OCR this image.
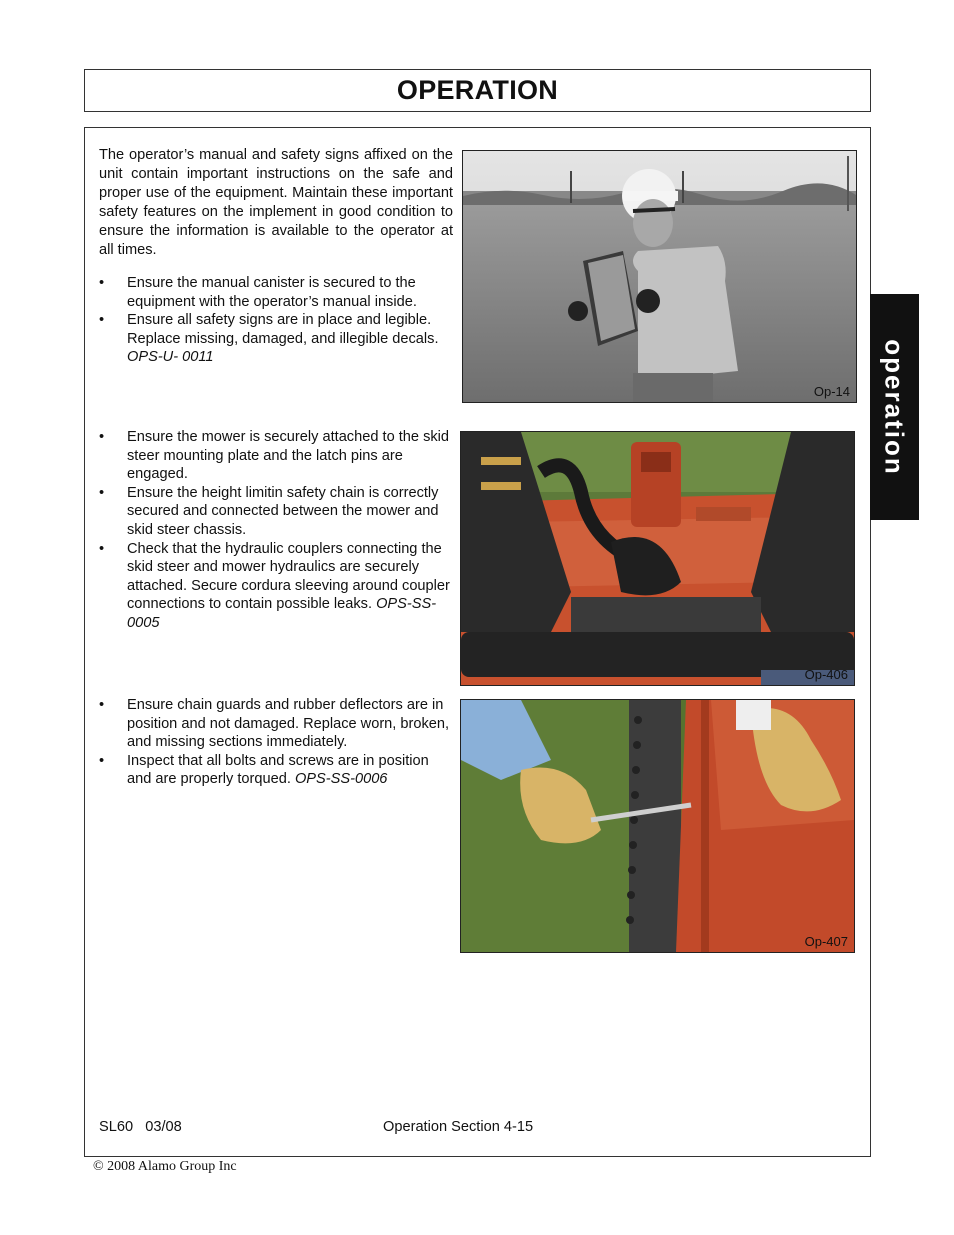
OPERATION
operation

The operator’s manual and safety signs affixed on the unit contain important instructions on the safe and proper use of the equipment. Maintain these important safety features on the implement in good condition to ensure the information is available to the operator at all times.

• Ensure the manual canister is secured to the equipment with the operator’s manual inside.
• Ensure all safety signs are in place and legible. Replace missing, damaged, and illegible decals. OPS-U- 0011
Op-14
• Ensure the mower is securely attached to the skid steer mounting plate and the latch pins are engaged.
• Ensure the height limitin safety chain is correctly secured and connected between the mower and skid steer chassis.
• Check that the hydraulic couplers connecting the skid steer and mower hydraulics are securely attached. Secure cordura sleeving around coupler connections to contain possible leaks. OPS-SS-0005
Op-406
• Ensure chain guards and rubber deflectors are in position and not damaged. Replace worn, broken, and missing sections immediately.
• Inspect that all bolts and screws are in position and are properly torqued. OPS-SS-0006
Op-407
SL60   03/08	Operation Section 4-15
© 2008 Alamo Group Inc
